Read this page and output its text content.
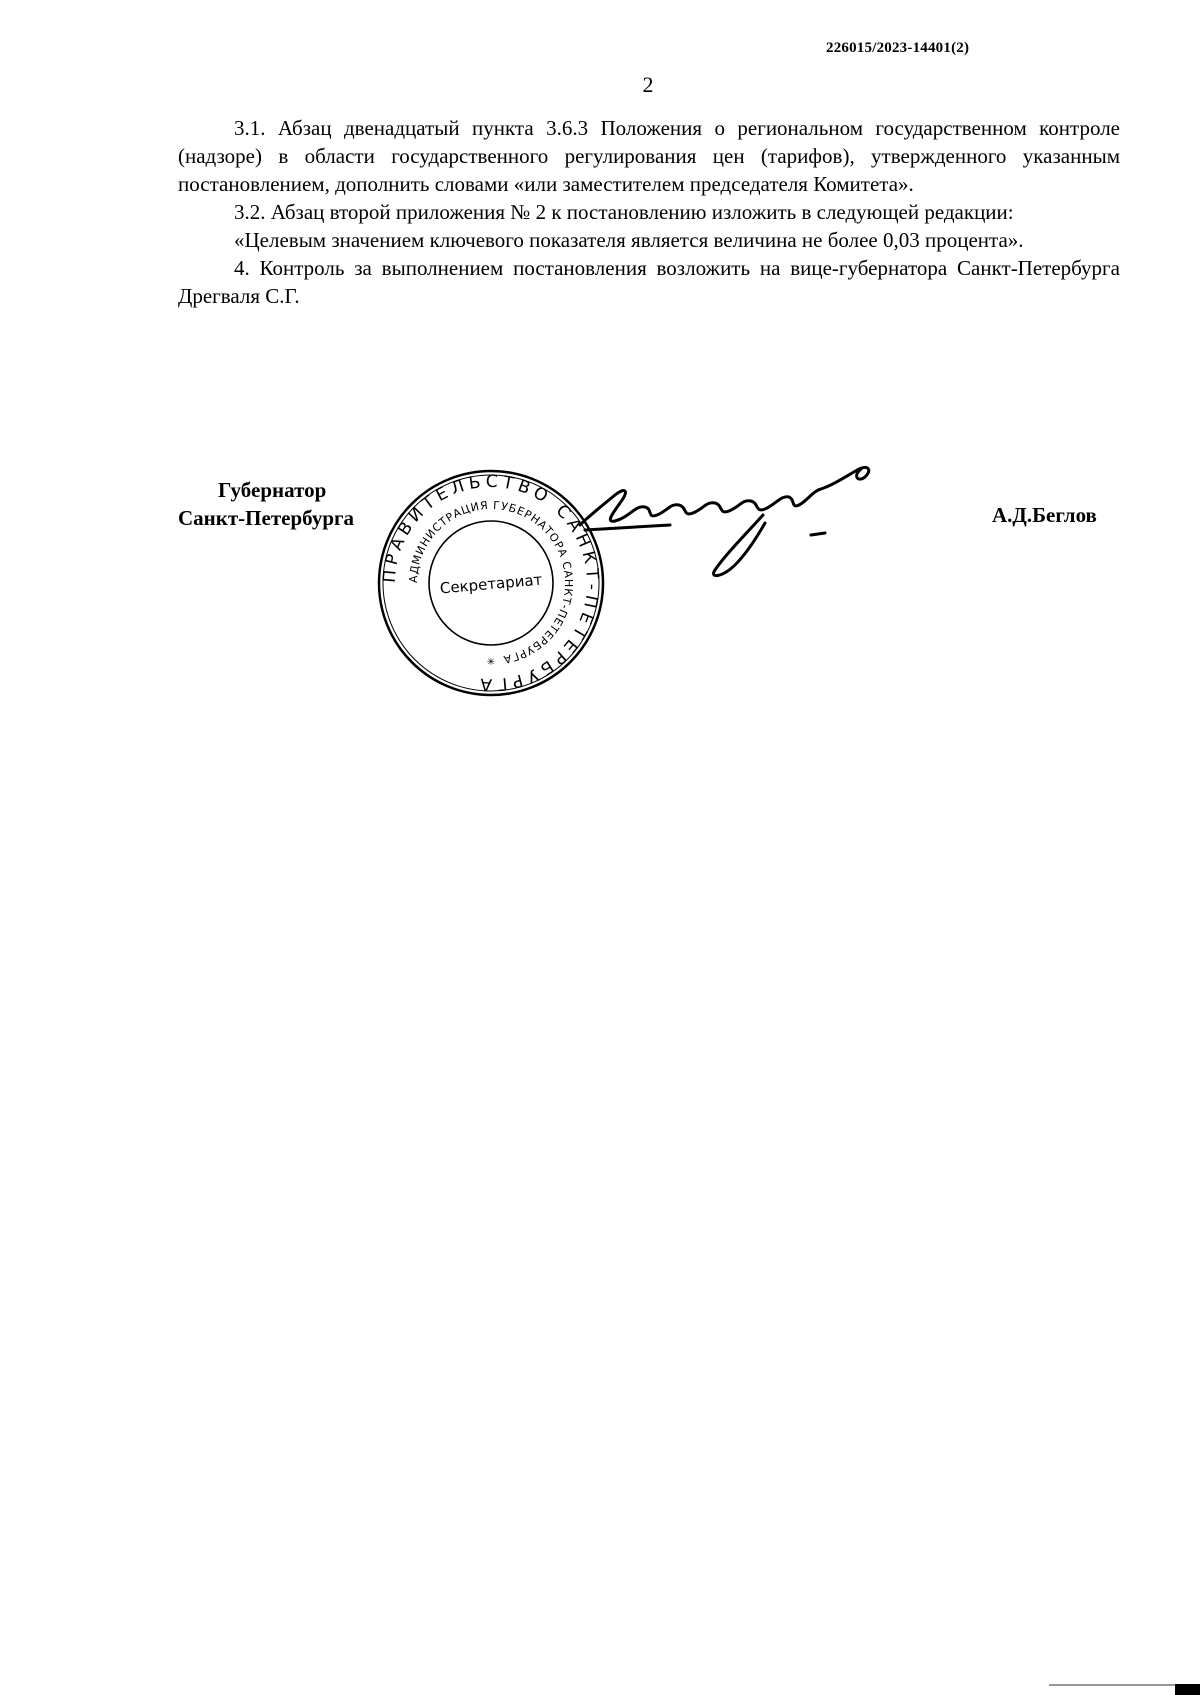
226015/2023-14401(2)
2

3.1. Абзац двенадцатый пункта 3.6.3 Положения о региональном государственном контроле (надзоре) в области государственного регулирования цен (тарифов), утвержденного указанным постановлением, дополнить словами «или заместителем председателя Комитета».

3.2. Абзац второй приложения № 2 к постановлению изложить в следующей редакции:

«Целевым значением ключевого показателя является величина не более 0,03 процента».

4. Контроль за выполнением постановления возложить на вице-губернатора Санкт-Петербурга Дрегваля С.Г.

Губернатор
Санкт-Петербурга
ПРАВИТЕЛЬСТВО САНКТ-ПЕТЕРБУРГА
АДМИНИСТРАЦИЯ ГУБЕРНАТОРА САНКТ-ПЕТЕРБУРГА
Секретариат
✳
А.Д.Беглов
